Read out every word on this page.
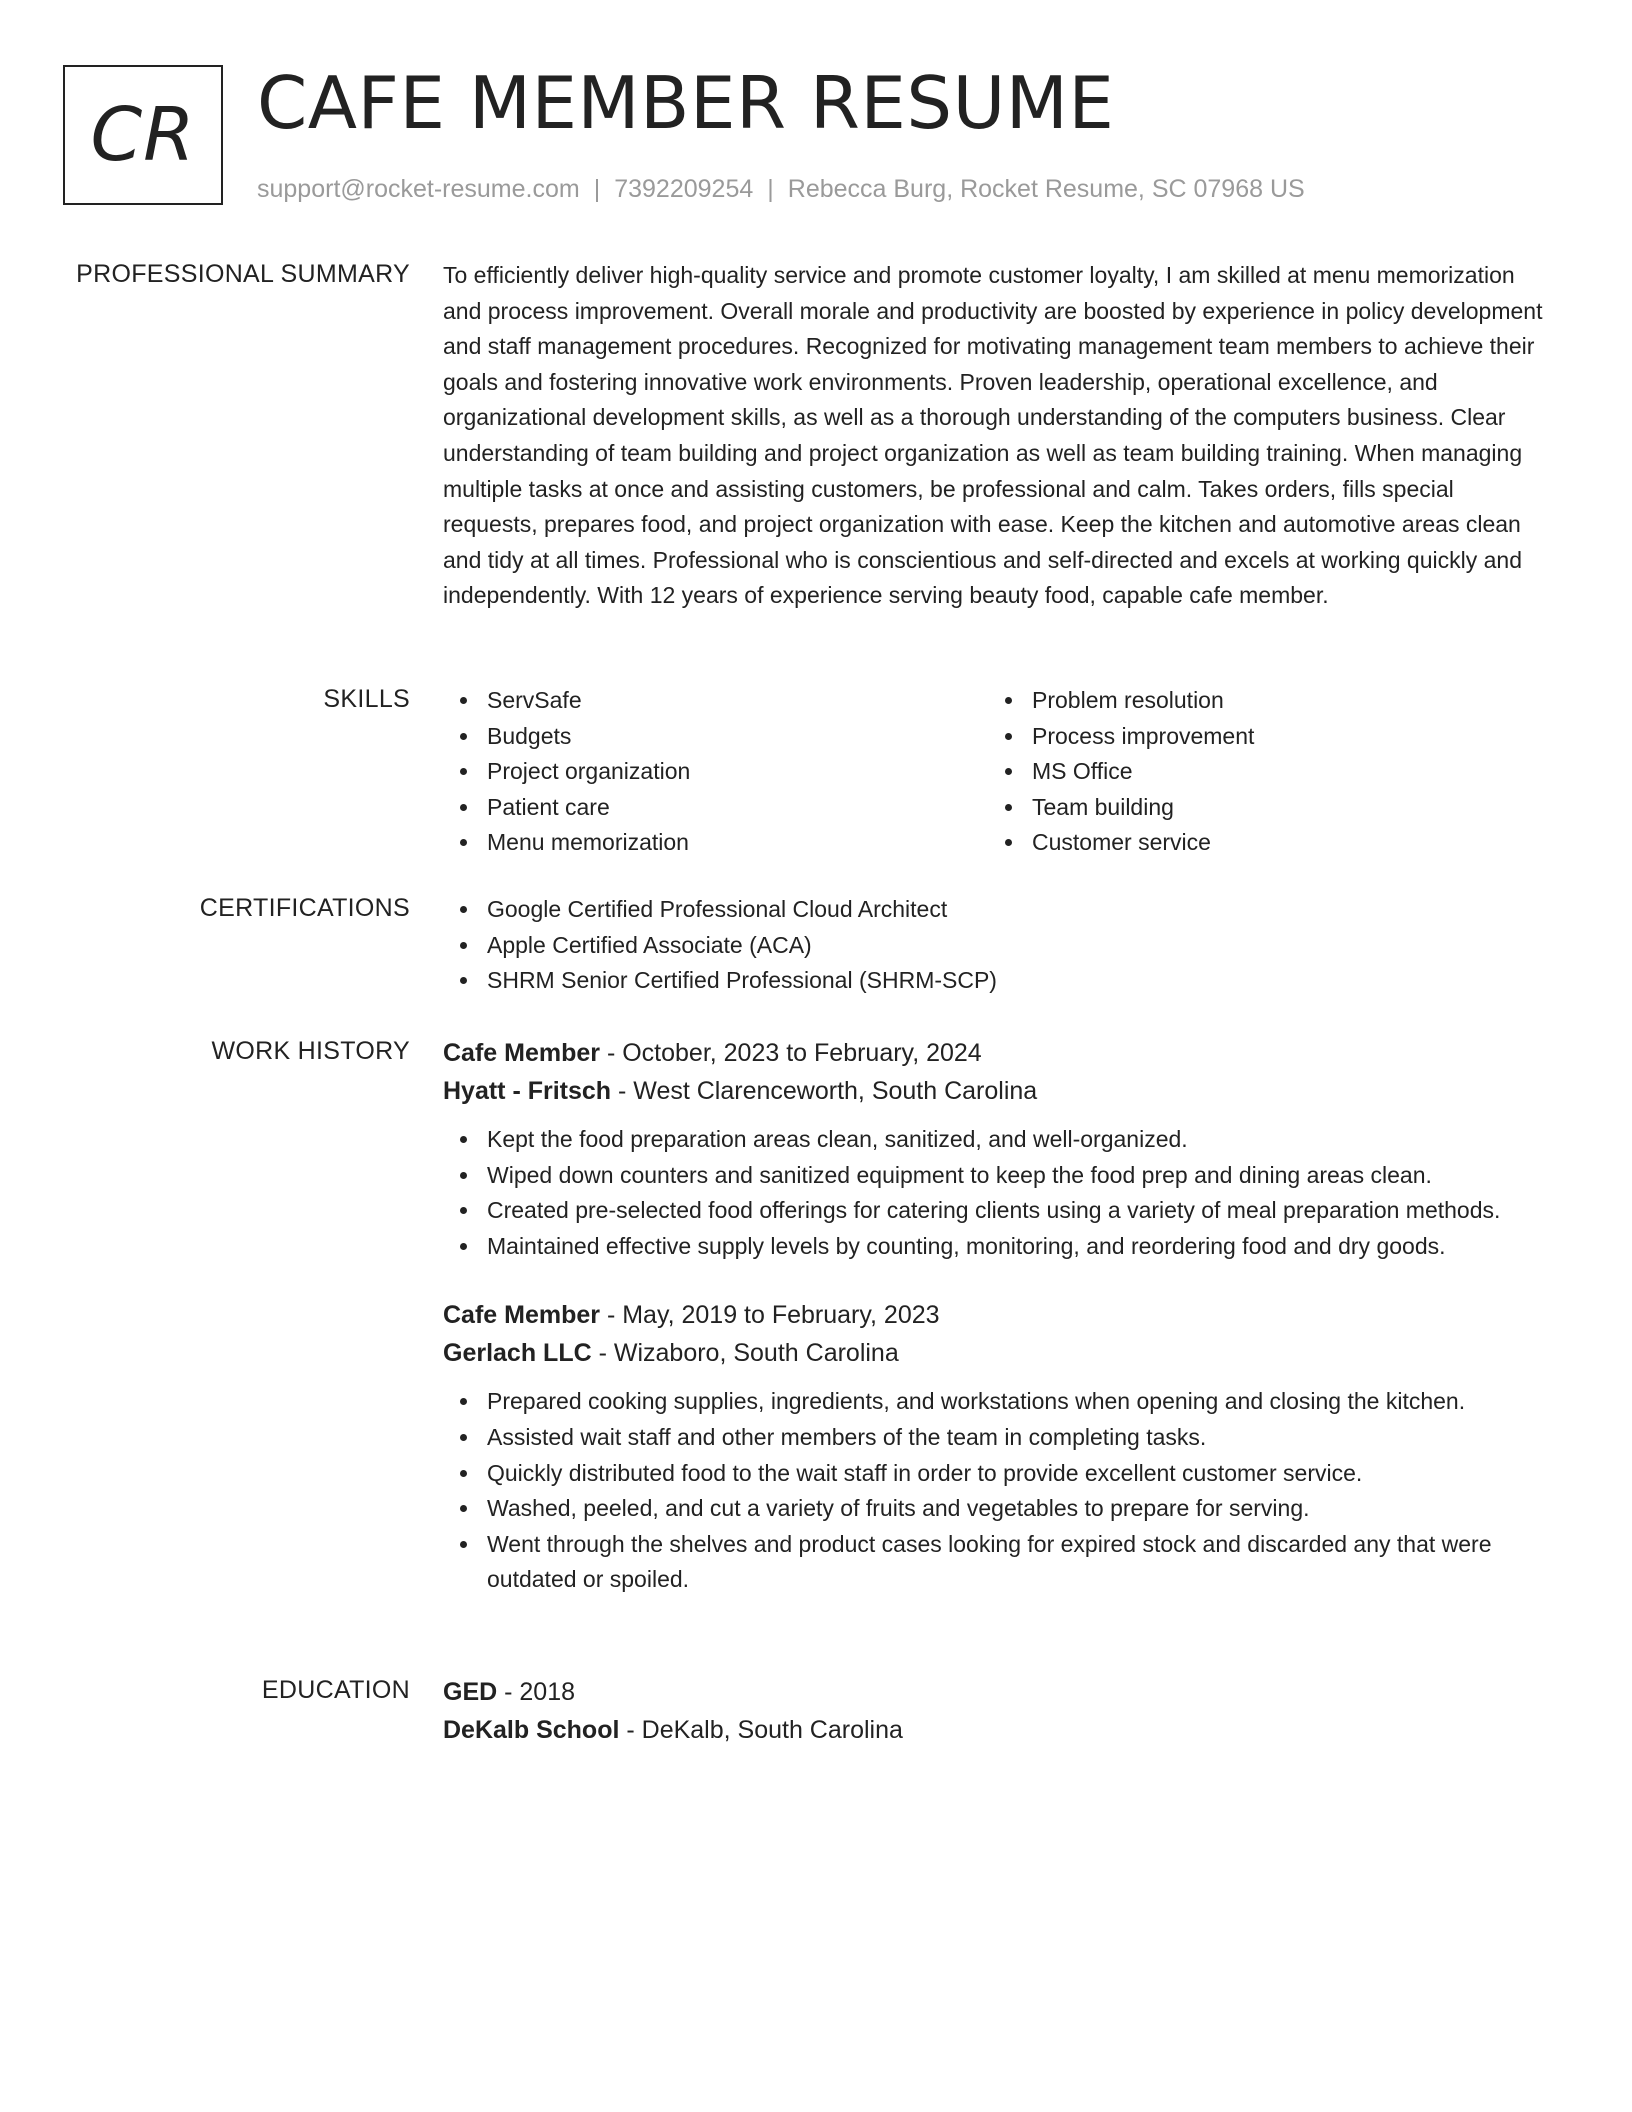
CR CAFE MEMBER RESUME
support@rocket-resume.com | 7392209254 | Rebecca Burg, Rocket Resume, SC 07968 US
PROFESSIONAL SUMMARY To efficiently deliver high-quality service and promote customer loyalty, I am skilled at menu memorization and process improvement. Overall morale and productivity are boosted by experience in policy development and staff management procedures. Recognized for motivating management team members to achieve their goals and fostering innovative work environments. Proven leadership, operational excellence, and organizational development skills, as well as a thorough understanding of the computers business. Clear understanding of team building and project organization as well as team building training. When managing multiple tasks at once and assisting customers, be professional and calm. Takes orders, fills special requests, prepares food, and project organization with ease. Keep the kitchen and automotive areas clean and tidy at all times. Professional who is conscientious and self-directed and excels at working quickly and independently. With 12 years of experience serving beauty food, capable cafe member.

SKILLS	ServSafe
Budgets
Project organization
Patient care
Menu memorization
Problem resolution
Process improvement
MS Office
Team building
Customer service
CERTIFICATIONS	Google Certified Professional Cloud Architect
Apple Certified Associate (ACA)
SHRM Senior Certified Professional (SHRM-SCP)
WORK HISTORY Cafe Member - October, 2023 to February, 2024
Hyatt - Fritsch - West Clarenceworth, South Carolina
Kept the food preparation areas clean, sanitized, and well-organized.
Wiped down counters and sanitized equipment to keep the food prep and dining areas clean.
Created pre-selected food offerings for catering clients using a variety of meal preparation methods.
Maintained effective supply levels by counting, monitoring, and reordering food and dry goods.
Cafe Member - May, 2019 to February, 2023
Gerlach LLC - Wizaboro, South Carolina
Prepared cooking supplies, ingredients, and workstations when opening and closing the kitchen.
Assisted wait staff and other members of the team in completing tasks.
Quickly distributed food to the wait staff in order to provide excellent customer service.
Washed, peeled, and cut a variety of fruits and vegetables to prepare for serving.
Went through the shelves and product cases looking for expired stock and discarded any that were outdated or spoiled.
EDUCATION GED - 2018
DeKalb School - DeKalb, South Carolina
